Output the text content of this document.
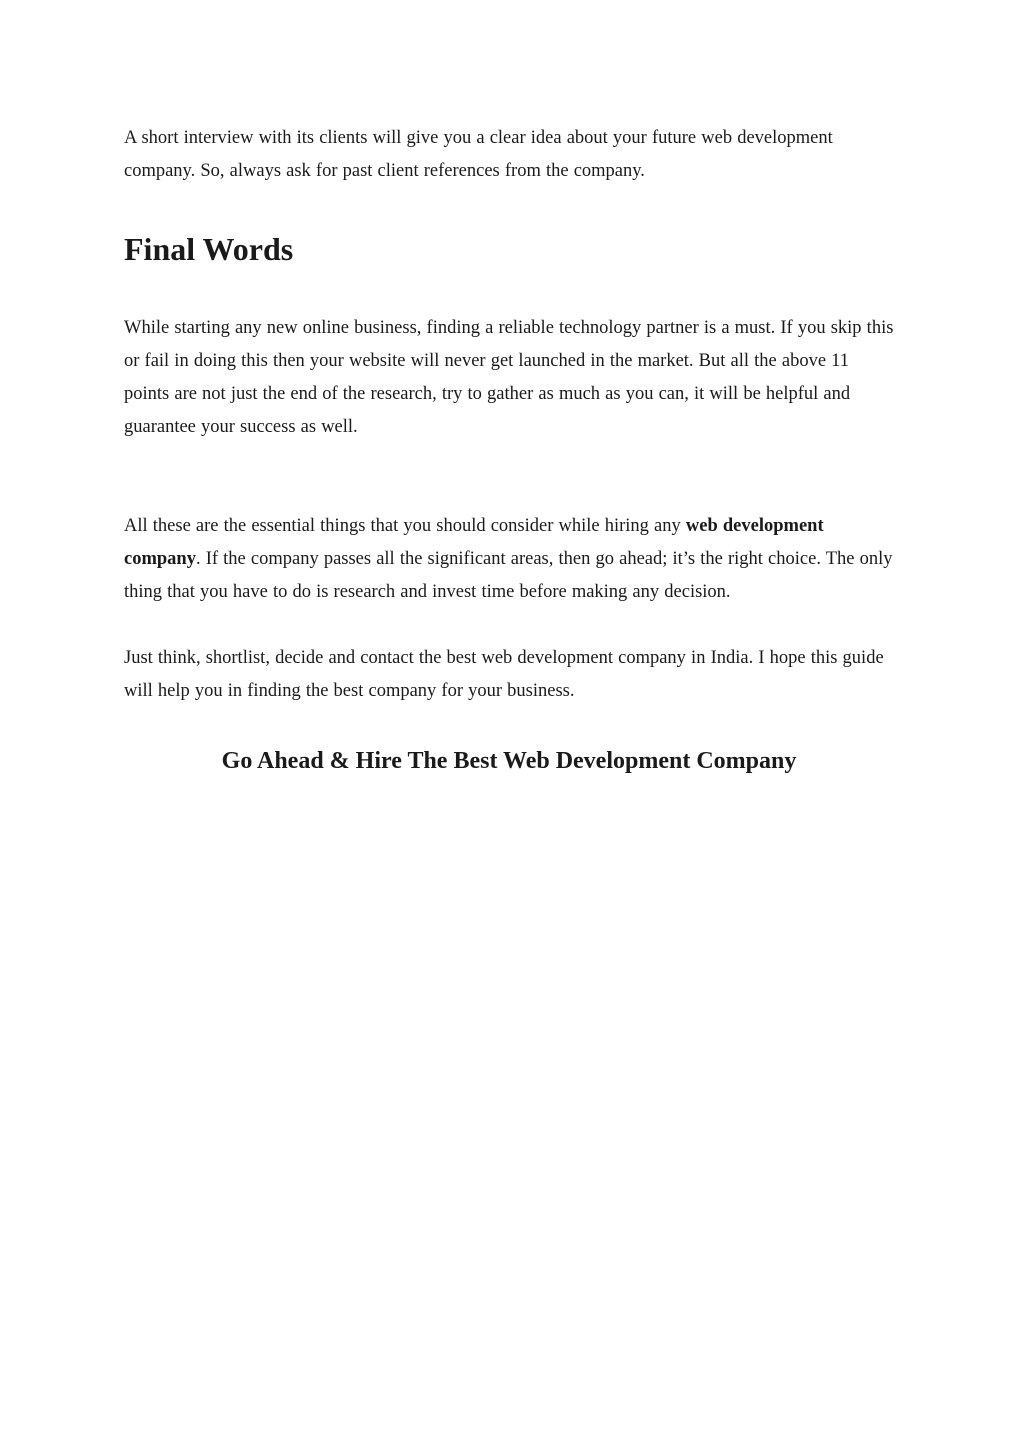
A short interview with its clients will give you a clear idea about your future web development company. So, always ask for past client references from the company.

Final Words

While starting any new online business, finding a reliable technology partner is a must. If you skip this or fail in doing this then your website will never get launched in the market. But all the above 11 points are not just the end of the research, try to gather as much as you can, it will be helpful and guarantee your success as well.

All these are the essential things that you should consider while hiring any web development company. If the company passes all the significant areas, then go ahead; it’s the right choice. The only thing that you have to do is research and invest time before making any decision.

Just think, shortlist, decide and contact the best web development company in India. I hope this guide will help you in finding the best company for your business.

Go Ahead & Hire The Best Web Development Company
